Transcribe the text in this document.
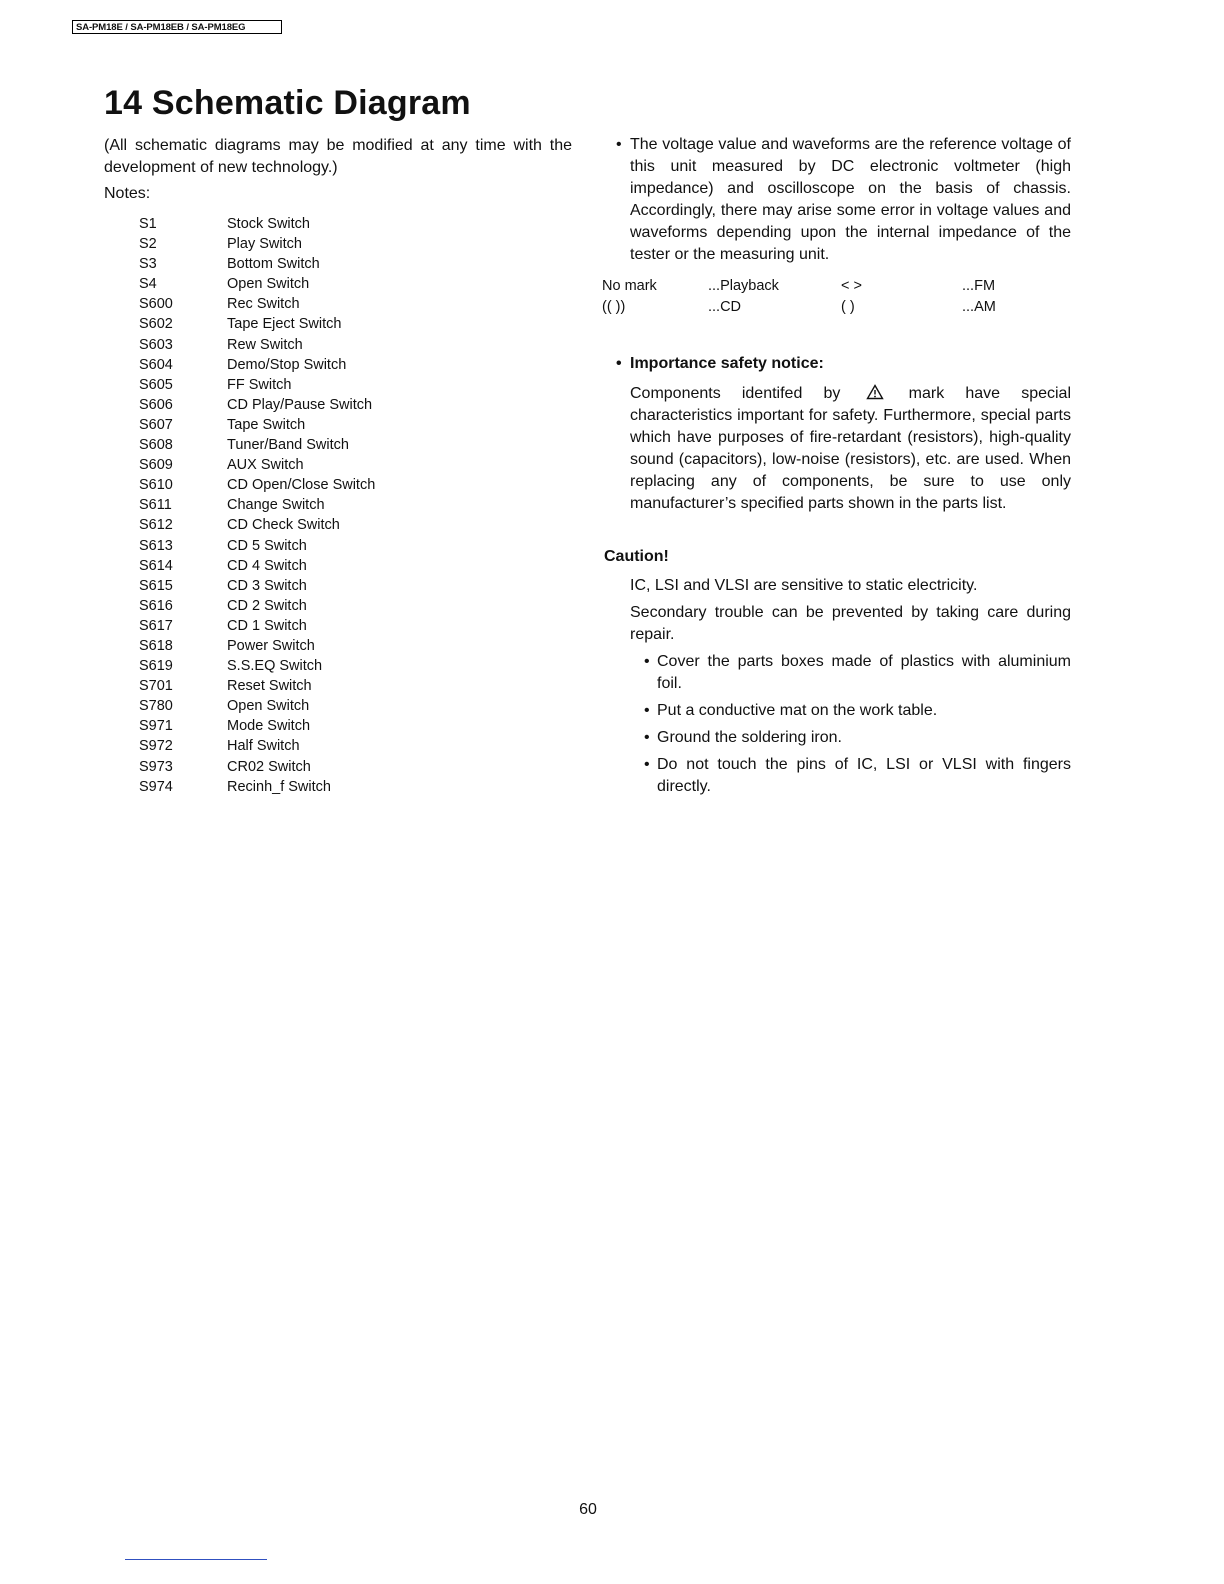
SA-PM18E / SA-PM18EB / SA-PM18EG
14 Schematic Diagram

(All schematic diagrams may be modified at any time with the development of new technology.)

Notes:

S1	Stock Switch
S2	Play Switch
S3	Bottom Switch
S4	Open Switch
S600	Rec Switch
S602	Tape Eject Switch
S603	Rew Switch
S604	Demo/Stop Switch
S605	FF Switch
S606	CD Play/Pause Switch
S607	Tape Switch
S608	Tuner/Band Switch
S609	AUX Switch
S610	CD Open/Close Switch
S611	Change Switch
S612	CD Check Switch
S613	CD 5 Switch
S614	CD 4 Switch
S615	CD 3 Switch
S616	CD 2 Switch
S617	CD 1 Switch
S618	Power Switch
S619	S.S.EQ Switch
S701	Reset Switch
S780	Open Switch
S971	Mode Switch
S972	Half Switch
S973	CR02 Switch
S974	Recinh_f Switch

• The voltage value and waveforms are the reference voltage of this unit measured by DC electronic voltmeter (high impedance) and oscilloscope on the basis of chassis. Accordingly, there may arise some error in voltage values and waveforms depending upon the internal impedance of the tester or the measuring unit.

No mark	...Playback	< >	...FM
(( ))	...CD	( )	...AM

• Importance safety notice:

Components identifed by	mark have special characteristics important for safety. Furthermore, special parts which have purposes of fire-retardant (resistors), high-quality sound (capacitors), low-noise (resistors), etc. are used. When replacing any of components, be sure to use only manufacturer’s specified parts shown in the parts list.

Caution!

IC, LSI and VLSI are sensitive to static electricity.

Secondary trouble can be prevented by taking care during repair.

• Cover the parts boxes made of plastics with aluminium foil.
• Put a conductive mat on the work table.
• Ground the soldering iron.
• Do not touch the pins of IC, LSI or VLSI with fingers directly.
60
